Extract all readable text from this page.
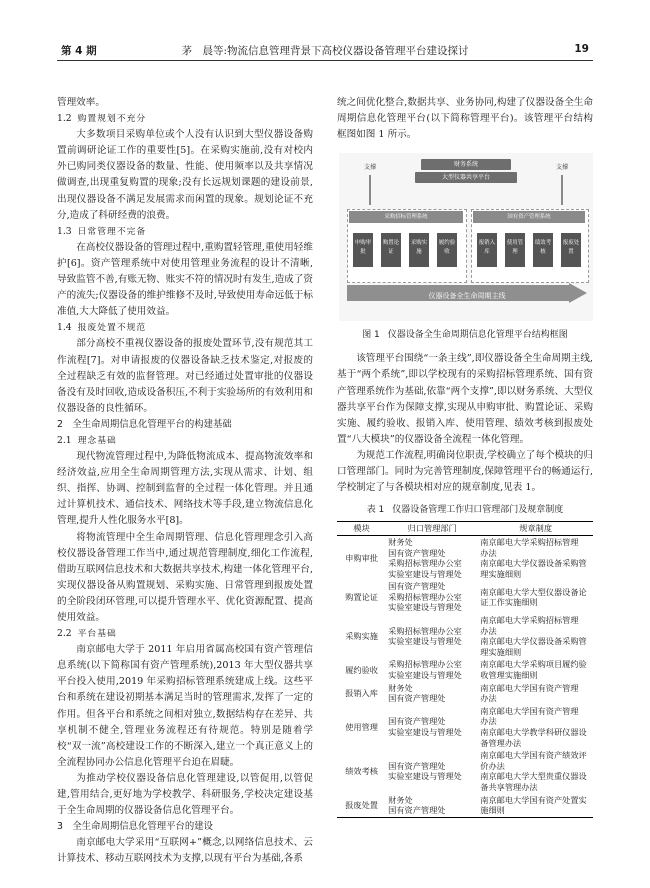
第 4 期	茅　晨等:物流信息管理背景下高校仪器设备管理平台建设探讨	19

管理效率。

1.2 购置规划不充分

大多数项目采购单位或个人没有认识到大型仪器设备购置前调研论证工作的重要性[5]。在采购实施前,没有对校内外已购同类仪器设备的数量、性能、使用频率以及共享情况做调查,出现重复购置的现象;没有长远规划课题的建设前景,出现仪器设备不满足发展需求而闲置的现象。规划论证不充分,造成了科研经费的浪费。

1.3 日常管理不完备

在高校仪器设备的管理过程中,重购置轻管理,重使用轻维护[6]。资产管理系统中对使用管理业务流程的设计不清晰,导致监管不善,有账无物、账实不符的情况时有发生,造成了资产的流失;仪器设备的维护维修不及时,导致使用寿命远低于标准值,大大降低了使用效益。

1.4 报废处置不规范

部分高校不重视仪器设备的报废处置环节,没有规范其工作流程[7]。对申请报废的仪器设备缺乏技术鉴定,对报废的全过程缺乏有效的监督管理。对已经通过处置审批的仪器设备没有及时回收,造成设备积压,不利于实验场所的有效利用和仪器设备的良性循环。

2　全生命周期信息化管理平台的构建基础

2.1 理念基础

现代物流管理过程中,为降低物流成本、提高物流效率和经济效益,应用全生命周期管理方法,实现从需求、计划、组织、指挥、协调、控制到监督的全过程一体化管理。并且通过计算机技术、通信技术、网络技术等手段,建立物流信息化管理,提升人性化服务水平[8]。

将物流管理中全生命周期管理、信息化管理理念引入高校仪器设备管理工作当中,通过规范管理制度,细化工作流程,借助互联网信息技术和大数据共享技术,构建一体化管理平台,实现仪器设备从购置规划、采购实施、日常管理到报废处置的全阶段闭环管理,可以提升管理水平、优化资源配置、提高使用效益。

2.2 平台基础

南京邮电大学于 2011 年启用省属高校国有资产管理信息系统(以下简称国有资产管理系统),2013 年大型仪器共享平台投入使用,2019 年采购招标管理系统建成上线。这些平台和系统在建设初期基本满足当时的管理需求,发挥了一定的作用。但各平台和系统之间相对独立,数据结构存在差异、共享机制不健全,管理业务流程还有待规范。特别是随着学校“双一流”高校建设工作的不断深入,建立一个真正意义上的全流程协同办公信息化管理平台迫在眉睫。

为推动学校仪器设备信息化管理建设,以管促用,以管促建,管用结合,更好地为学校教学、科研服务,学校决定建设基于全生命周期的仪器设备信息化管理平台。

3　全生命周期信息化管理平台的建设

南京邮电大学采用“互联网+”概念,以网络信息技术、云计算技术、移动互联网技术为支撑,以现有平台为基础,各系

统之间优化整合,数据共享、业务协同,构建了仪器设备全生命周期信息化管理平台(以下简称管理平台)。该管理平台结构框图如图 1 所示。

支撑	支撑
财务系统
大型仪器共享平台
采购招标管理系统	国有资产管理系统
申购审批
购置论证
采购实施
履约验收
报销入库
使用管理
绩效考核
报废处置
仪器设备全生命周期主线
图 1 仪器设备全生命周期信息化管理平台结构框图

该管理平台围绕“一条主线”,即仪器设备全生命周期主线,基于“两个系统”,即以学校现有的采购招标管理系统、国有资产管理系统作为基础,依靠“两个支撑”,即以财务系统、大型仪器共享平台作为保障支撑,实现从申购审批、购置论证、采购实施、履约验收、报销入库、使用管理、绩效考核到报废处置“八大模块”的仪器设备全流程一体化管理。

为规范工作流程,明确岗位职责,学校确立了每个模块的归口管理部门。同时为完善管理制度,保障管理平台的畅通运行,学校制定了与各模块相对应的规章制度,见表 1。

表 1 仪器设备管理工作归口管理部门及规章制度
模块	归口管理部门	规章制度
申购审批	财务处
国有资产管理处
采购招标管理办公室
实验室建设与管理处	南京邮电大学采购招标管理
办法
南京邮电大学仪器设备采购管
理实施细则

购置论证	国有资产管理处
采购招标管理办公室
实验室建设与管理处	南京邮电大学大型仪器设备论
证工作实施细则

采购实施	采购招标管理办公室
实验室建设与管理处	南京邮电大学采购招标管理
办法
南京邮电大学仪器设备采购管
理实施细则

履约验收	采购招标管理办公室
实验室建设与管理处	南京邮电大学采购项目履约验
收管理实施细则

报销入库	财务处
国有资产管理处	南京邮电大学国有资产管理
办法

使用管理	国有资产管理处
实验室建设与管理处	南京邮电大学国有资产管理
办法
南京邮电大学教学科研仪器设
备管理办法

绩效考核	国有资产管理处
实验室建设与管理处	南京邮电大学国有资产绩效评
价办法
南京邮电大学大型贵重仪器设
备共享管理办法

报废处置	财务处
国有资产管理处	南京邮电大学国有资产处置实
施细则
